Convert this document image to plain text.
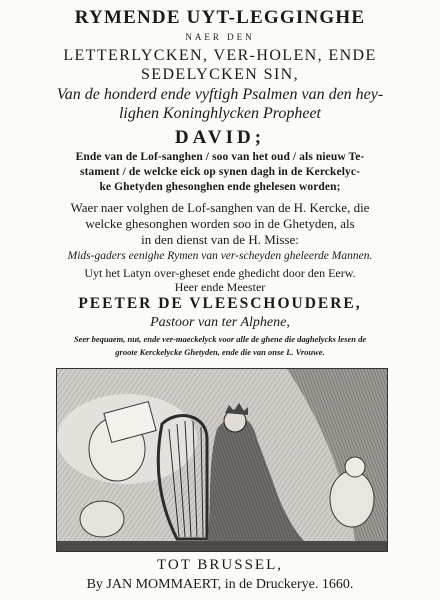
RYMENDE UYT-LEGGINGHE
NAER DEN
LETTERLYCKEN, VER-HOLEN, ENDE
SEDELYCKEN SIN,
Van de honderd ende vyftigh Psalmen van den hey-
lighen Koninghlycken Propheet
DAVID;
Ende van de Lof-sanghen / soo van het oud / als nieuw Te-
stament / de welcke eick op synen dagh in de Kerckelyc-
ke Ghetyden ghesonghen ende ghelesen worden;
Waer naer volghen de Lof-sanghen van de H. Kercke, die
welcke ghesonghen worden soo in de Ghetyden, als
in den dienst van de H. Misse:
Mids-gaders eenighe Rymen van ver-scheyden gheleerde Mannen.
Uyt het Latyn over-gheset ende ghedicht door den Eerw.
Heer ende Meester
PEETER DE VLEESCHOUDERE,
Pastoor van ter Alphene,
Seer bequaem, nut, ende ver-maeckelyck voor alle de ghene die daghelycks lesen de
groote Kerckelycke Ghetyden, ende die van onse L. Vrouwe.
TOT BRUSSEL,
By JAN MOMMAERT, in de Druckerye. 1660.
